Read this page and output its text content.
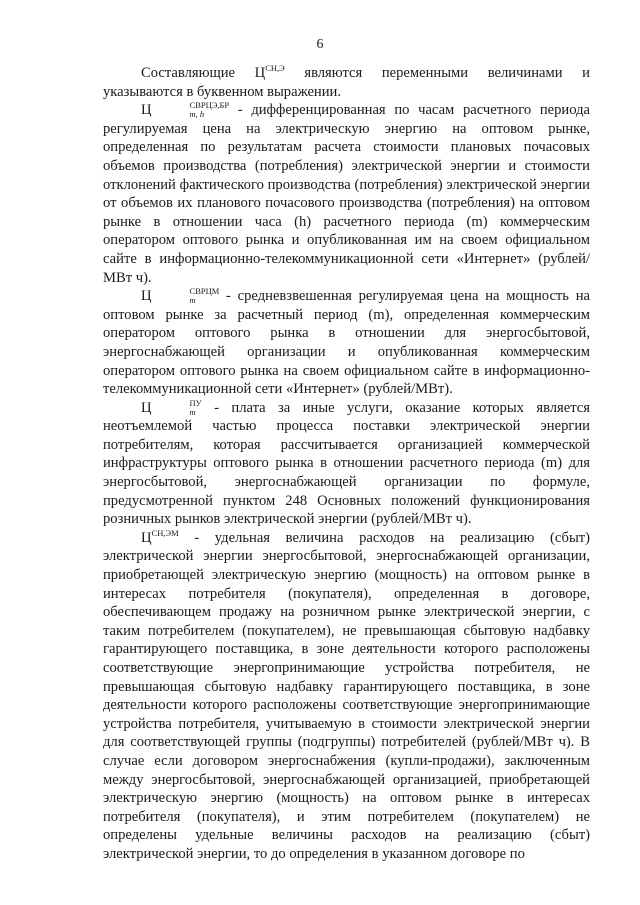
6

Составляющие $Ц^{СН,Э}$ являются переменными величинами и указываются в буквенном выражении.

Ц	СВРЦЭ,БР
m, h	- дифференцированная по часам расчетного периода регулируемая цена на электрическую энергию на оптовом рынке, определенная по результатам расчета стоимости плановых почасовых объемов производства (потребления) электрической энергии и стоимости отклонений фактического производства (потребления) электрической энергии от объемов их планового почасового производства (потребления) на оптовом рынке в отношении часа (h) расчетного периода (m) коммерческим оператором оптового рынка и опубликованная им на своем официальном сайте в информационно-телекоммуникационной сети «Интернет» (рублей/МВт ч).

Ц	СВРЦМ
m	- средневзвешенная регулируемая цена на мощность на оптовом рынке за расчетный период (m), определенная коммерческим оператором оптового рынка в отношении для энергосбытовой, энергоснабжающей организации и опубликованная коммерческим оператором оптового рынка на своем официальном сайте в информационно-телекоммуникационной сети «Интернет» (рублей/МВт).

Ц	ПУ
m - плата за иные услуги, оказание которых является неотъемлемой частью процесса поставки электрической энергии потребителям, которая рассчитывается организацией коммерческой инфраструктуры оптового рынка в отношении расчетного периода (m) для энергосбытовой, энергоснабжающей организации по формуле, предусмотренной пунктом 248 Основных положений функционирования розничных рынков электрической энергии (рублей/МВт ч).

$Ц^{СН,ЭМ}$ - удельная величина расходов на реализацию (сбыт) электрической энергии энергосбытовой, энергоснабжающей организации, приобретающей электрическую энергию (мощность) на оптовом рынке в интересах потребителя (покупателя), определенная в договоре, обеспечивающем продажу на розничном рынке электрической энергии, с таким потребителем (покупателем), не превышающая сбытовую надбавку гарантирующего поставщика, в зоне деятельности которого расположены соответствующие энергопринимающие устройства потребителя, не превышающая сбытовую надбавку гарантирующего поставщика, в зоне деятельности которого расположены соответствующие энергопринимающие устройства потребителя, учитываемую в стоимости электрической энергии для соответствующей группы (подгруппы) потребителей (рублей/МВт ч). В случае если договором энергоснабжения (купли-продажи), заключенным между энергосбытовой, энергоснабжающей организацией, приобретающей электрическую энергию (мощность) на оптовом рынке в интересах потребителя (покупателя), и этим потребителем (покупателем) не определены удельные величины расходов на реализацию (сбыт) электрической энергии, то до определения в указанном договоре по
